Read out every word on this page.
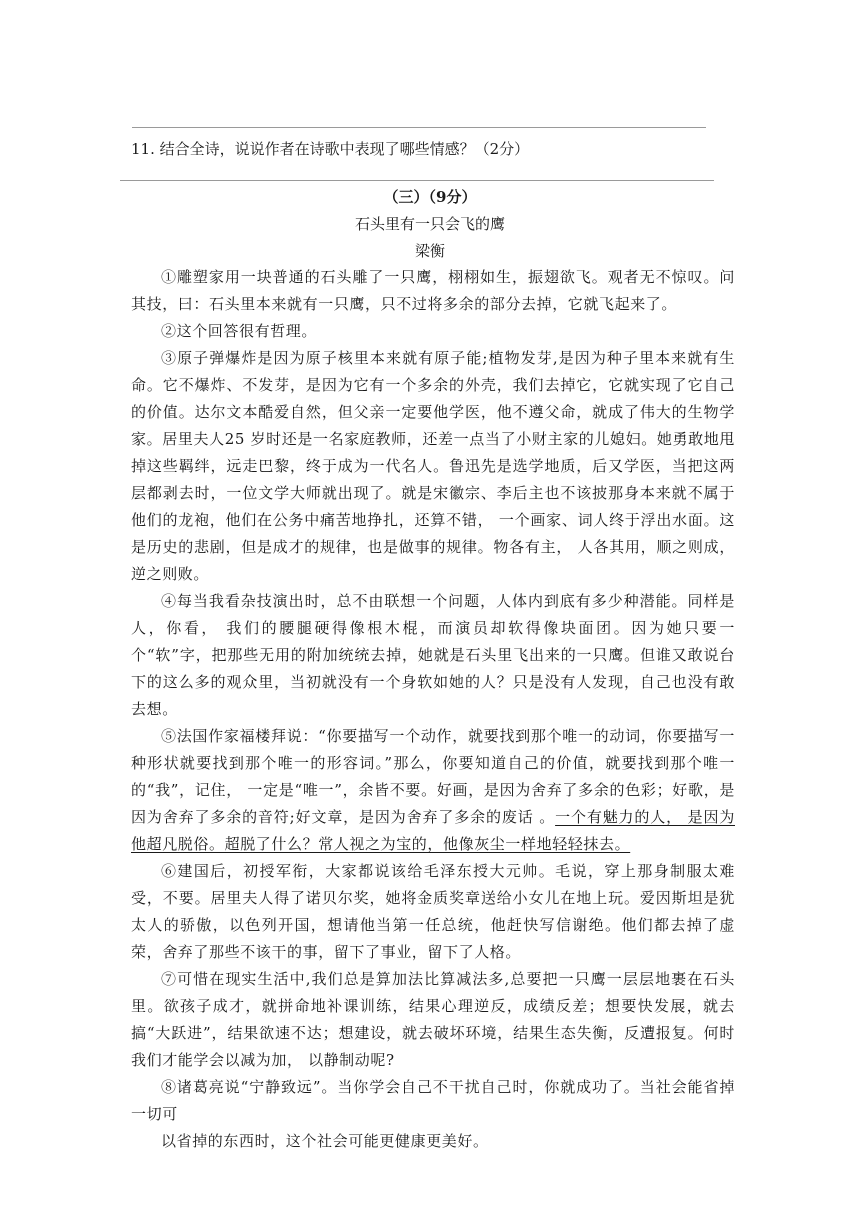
11. 结合全诗，说说作者在诗歌中表现了哪些情感？（2分）
（三）（9分）
石头里有一只会飞的鹰
梁衡

①雕塑家用一块普通的石头雕了一只鹰，栩栩如生，振翅欲飞。观者无不惊叹。问其技，曰：石头里本来就有一只鹰，只不过将多余的部分去掉，它就飞起来了。

②这个回答很有哲理。

③原子弹爆炸是因为原子核里本来就有原子能;植物发芽,是因为种子里本来就有生命。它不爆炸、不发芽，是因为它有一个多余的外壳，我们去掉它，它就实现了它自己的价值。达尔文本酷爱自然，但父亲一定要他学医，他不遵父命，就成了伟大的生物学家。居里夫人25 岁时还是一名家庭教师，还差一点当了小财主家的儿媳妇。她勇敢地甩掉这些羁绊，远走巴黎，终于成为一代名人。鲁迅先是选学地质，后又学医，当把这两层都剥去时，一位文学大师就出现了。就是宋徽宗、李后主也不该披那身本来就不属于他们的龙袍，他们在公务中痛苦地挣扎，还算不错， 一个画家、词人终于浮出水面。这是历史的悲剧，但是成才的规律，也是做事的规律。物各有主， 人各其用，顺之则成，逆之则败。

④每当我看杂技演出时，总不由联想一个问题，人体内到底有多少种潜能。同样是人，你看， 我们的腰腿硬得像根木棍，而演员却软得像块面团。因为她只要一个“软”字，把那些无用的附加统统去掉，她就是石头里飞出来的一只鹰。但谁又敢说台下的这么多的观众里，当初就没有一个身软如她的人？只是没有人发现，自己也没有敢去想。

⑤法国作家福楼拜说：“你要描写一个动作，就要找到那个唯一的动词，你要描写一种形状就要找到那个唯一的形容词。”那么，你要知道自己的价值，就要找到那个唯一的“我”，记住， 一定是“唯一”，余皆不要。好画，是因为舍弃了多余的色彩；好歌，是因为舍弃了多余的音符;好文章，是因为舍弃了多余的废话 。一个有魅力的人， 是因为他超凡脱俗。超脱了什么？常人视之为宝的，他像灰尘一样地轻轻抹去。

⑥建国后，初授军衔，大家都说该给毛泽东授大元帅。毛说，穿上那身制服太难受，不要。居里夫人得了诺贝尔奖，她将金质奖章送给小女儿在地上玩。爱因斯坦是犹太人的骄傲，以色列开国，想请他当第一任总统，他赶快写信谢绝。他们都去掉了虚荣，舍弃了那些不该干的事，留下了事业，留下了人格。

⑦可惜在现实生活中,我们总是算加法比算减法多,总要把一只鹰一层层地裹在石头里。欲孩子成才，就拼命地补课训练，结果心理逆反，成绩反差；想要快发展，就去搞“大跃进”，结果欲速不达；想建设，就去破坏环境，结果生态失衡，反遭报复。何时我们才能学会以减为加， 以静制动呢?

⑧诸葛亮说“宁静致远”。当你学会自己不干扰自己时，你就成功了。当社会能省掉一切可

以省掉的东西时，这个社会可能更健康更美好。
